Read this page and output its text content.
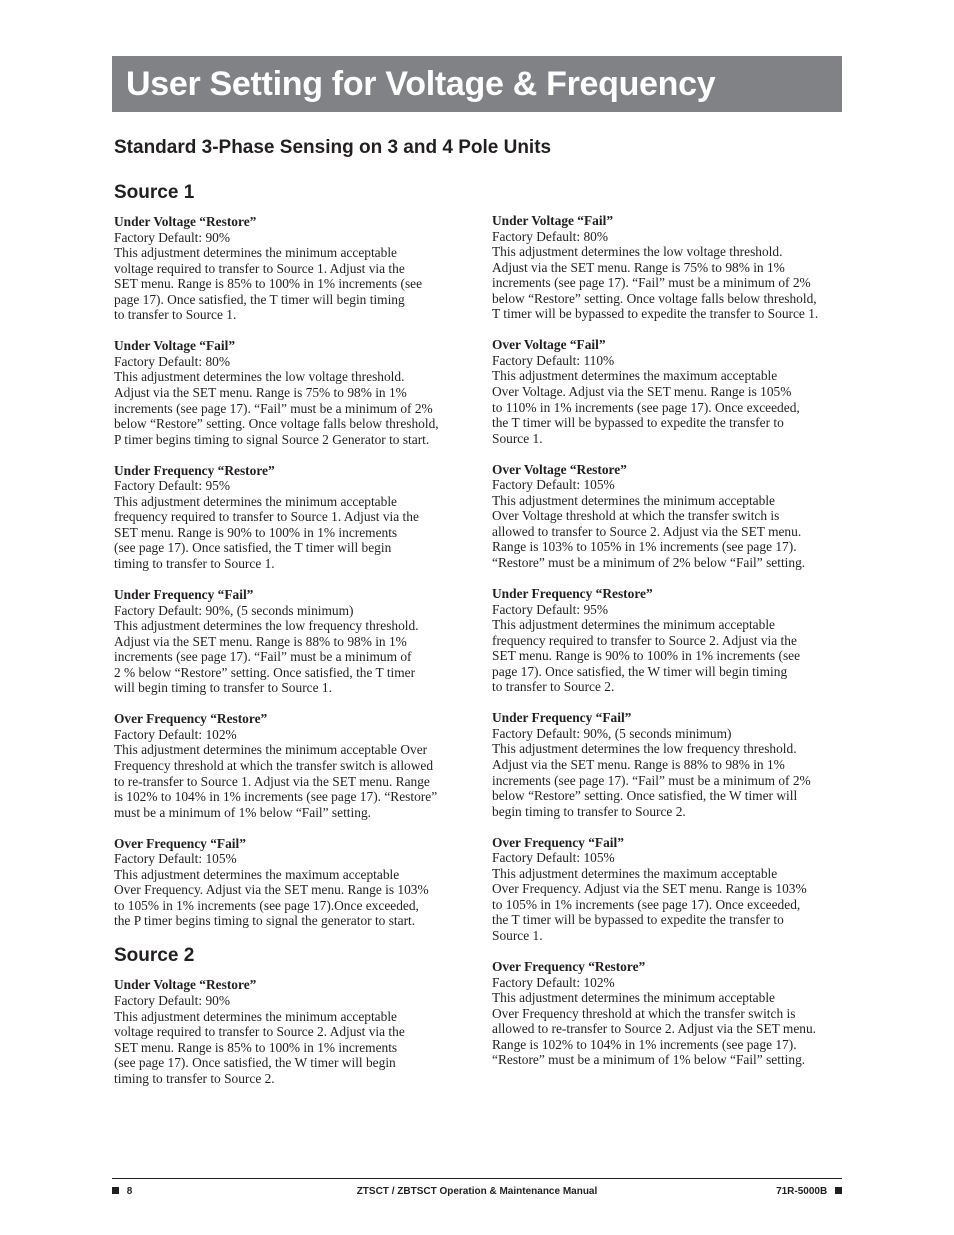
User Setting for Voltage & Frequency
Standard 3-Phase Sensing on 3 and 4 Pole Units
Source 1
Under Voltage “Restore”
Factory Default: 90%
This adjustment determines the minimum acceptable
voltage required to transfer to Source 1. Adjust via the
SET menu. Range is 85% to 100% in 1% increments (see
page 17). Once satisfied, the T timer will begin timing
to transfer to Source 1.
Under Voltage “Fail”
Factory Default: 80%
This adjustment determines the low voltage threshold.
Adjust via the SET menu. Range is 75% to 98% in 1%
increments (see page 17). “Fail” must be a minimum of 2%
below “Restore” setting. Once voltage falls below threshold,
P timer begins timing to signal Source 2 Generator to start.
Under Frequency “Restore”
Factory Default: 95%
This adjustment determines the minimum acceptable
frequency required to transfer to Source 1. Adjust via the
SET menu. Range is 90% to 100% in 1% increments
(see page 17). Once satisfied, the T timer will begin
timing to transfer to Source 1.
Under Frequency “Fail”
Factory Default: 90%, (5 seconds minimum)
This adjustment determines the low frequency threshold.
Adjust via the SET menu. Range is 88% to 98% in 1%
increments (see page 17). “Fail” must be a minimum of
2 % below “Restore” setting. Once satisfied, the T timer
will begin timing to transfer to Source 1.
Over Frequency “Restore”
Factory Default: 102%
This adjustment determines the minimum acceptable Over
Frequency threshold at which the transfer switch is allowed
to re-transfer to Source 1. Adjust via the SET menu. Range
is 102% to 104% in 1% increments (see page 17). “Restore”
must be a minimum of 1% below “Fail” setting.
Over Frequency “Fail”
Factory Default: 105%
This adjustment determines the maximum acceptable
Over Frequency. Adjust via the SET menu. Range is 103%
to 105% in 1% increments (see page 17).Once exceeded,
the P timer begins timing to signal the generator to start.
Source 2
Under Voltage “Restore”
Factory Default: 90%
This adjustment determines the minimum acceptable
voltage required to transfer to Source 2. Adjust via the
SET menu. Range is 85% to 100% in 1% increments
(see page 17). Once satisfied, the W timer will begin
timing to transfer to Source 2.
Under Voltage “Fail”
Factory Default: 80%
This adjustment determines the low voltage threshold.
Adjust via the SET menu. Range is 75% to 98% in 1%
increments (see page 17). “Fail” must be a minimum of 2%
below “Restore” setting. Once voltage falls below threshold,
T timer will be bypassed to expedite the transfer to Source 1.
Over Voltage “Fail”
Factory Default: 110%
This adjustment determines the maximum acceptable
Over Voltage. Adjust via the SET menu. Range is 105%
to 110% in 1% increments (see page 17). Once exceeded,
the T timer will be bypassed to expedite the transfer to
Source 1.
Over Voltage “Restore”
Factory Default: 105%
This adjustment determines the minimum acceptable
Over Voltage threshold at which the transfer switch is
allowed to transfer to Source 2. Adjust via the SET menu.
Range is 103% to 105% in 1% increments (see page 17).
“Restore” must be a minimum of 2% below “Fail” setting.
Under Frequency “Restore”
Factory Default: 95%
This adjustment determines the minimum acceptable
frequency required to transfer to Source 2. Adjust via the
SET menu. Range is 90% to 100% in 1% increments (see
page 17). Once satisfied, the W timer will begin timing
to transfer to Source 2.
Under Frequency “Fail”
Factory Default: 90%, (5 seconds minimum)
This adjustment determines the low frequency threshold.
Adjust via the SET menu. Range is 88% to 98% in 1%
increments (see page 17). “Fail” must be a minimum of 2%
below “Restore” setting. Once satisfied, the W timer will
begin timing to transfer to Source 2.
Over Frequency “Fail”
Factory Default: 105%
This adjustment determines the maximum acceptable
Over Frequency. Adjust via the SET menu. Range is 103%
to 105% in 1% increments (see page 17). Once exceeded,
the T timer will be bypassed to expedite the transfer to
Source 1.
Over Frequency “Restore”
Factory Default: 102%
This adjustment determines the minimum acceptable
Over Frequency threshold at which the transfer switch is
allowed to re-transfer to Source 2. Adjust via the SET menu.
Range is 102% to 104% in 1% increments (see page 17).
“Restore” must be a minimum of 1% below “Fail” setting.
8	ZTSCT / ZBTSCT Operation & Maintenance Manual	71R-5000B
